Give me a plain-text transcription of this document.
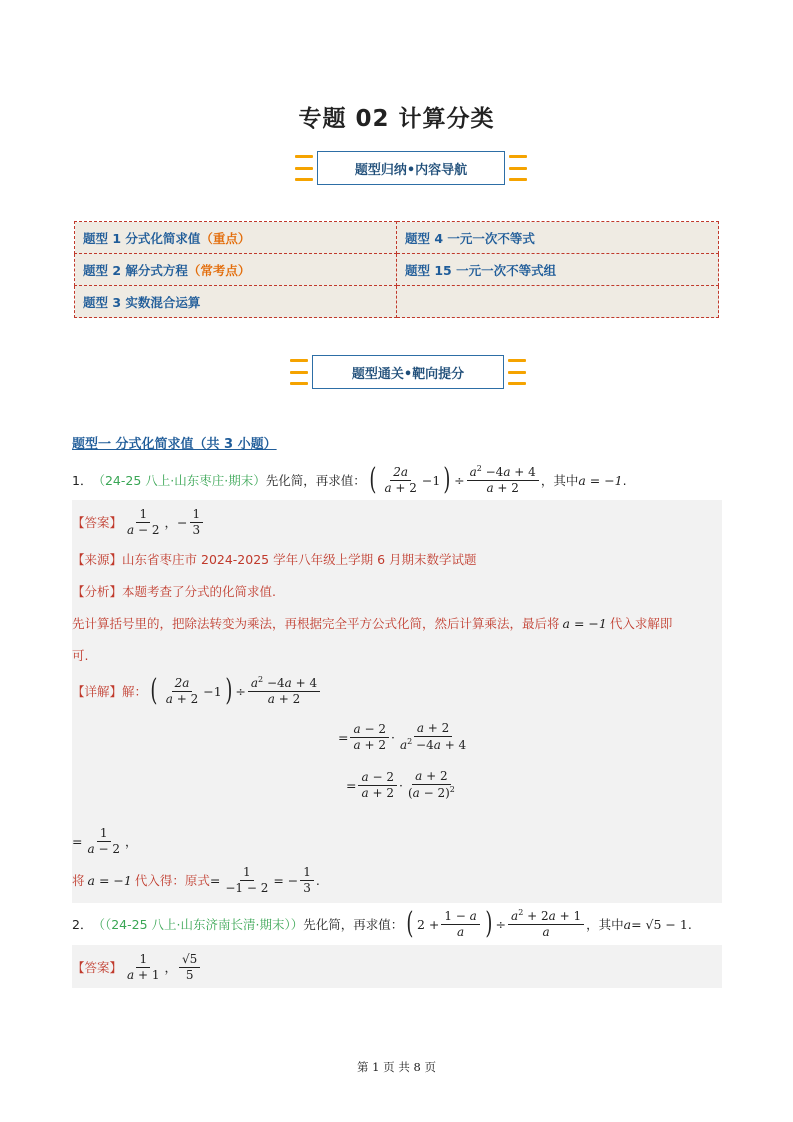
专题 02 计算分类
题型归纳•内容导航
题型 1 分式化简求值（重点）	题型 4 一元一次不等式
题型 2 解分式方程（常考点）	题型 15 一元一次不等式组
题型 3 实数混合运算	
题型通关•靶向提分
题型一 分式化简求值（共 3 小题）
1． （24-25 八上·山东枣庄·期末） 先化简，再求值： ( $\frac{2a}{a + 2} -1$ ) ÷ $\frac{a^2 -4a + 4}{a + 2}$ ，其中 a = −1 .
【答案】 $\frac{1}{a - 2}$ ， − $\frac{1}{3}$
【来源】 山东省枣庄市 2024-2025 学年八年级上学期 6 月期末数学试题
【分析】 本题考查了分式的化简求值.
先计算括号里的，把除法转变为乘法，再根据完全平方公式化简，然后计算乘法，最后将 a = −1 代入求解即
可.
【详解】 解： ( $\frac{2a}{a + 2} -1$ ) ÷ $\frac{a^2 -4a + 4}{a + 2}$
= $\frac{a - 2}{a + 2} \cdot \frac{a + 2}{a^2 -4a + 4}$
= $\frac{a - 2}{a + 2} \cdot \frac{a + 2}{(a - 2)^2}$
= $\frac{1}{a - 2}$ ，
将 a = −1 代入得：原式 = $\frac{1}{-1 - 2}$ = − $\frac{1}{3}$ .
2． （（24-25 八上·山东济南长清·期末）） 先化简，再求值： ( $2 + \frac{1 - a}{a}$ ) ÷ $\frac{a^2 + 2a + 1}{a}$ ，其中 a = √5 − 1 .
【答案】 $\frac{1}{a + 1}$ ， $\frac{√5}{5}$
第 1 页 共 8 页
